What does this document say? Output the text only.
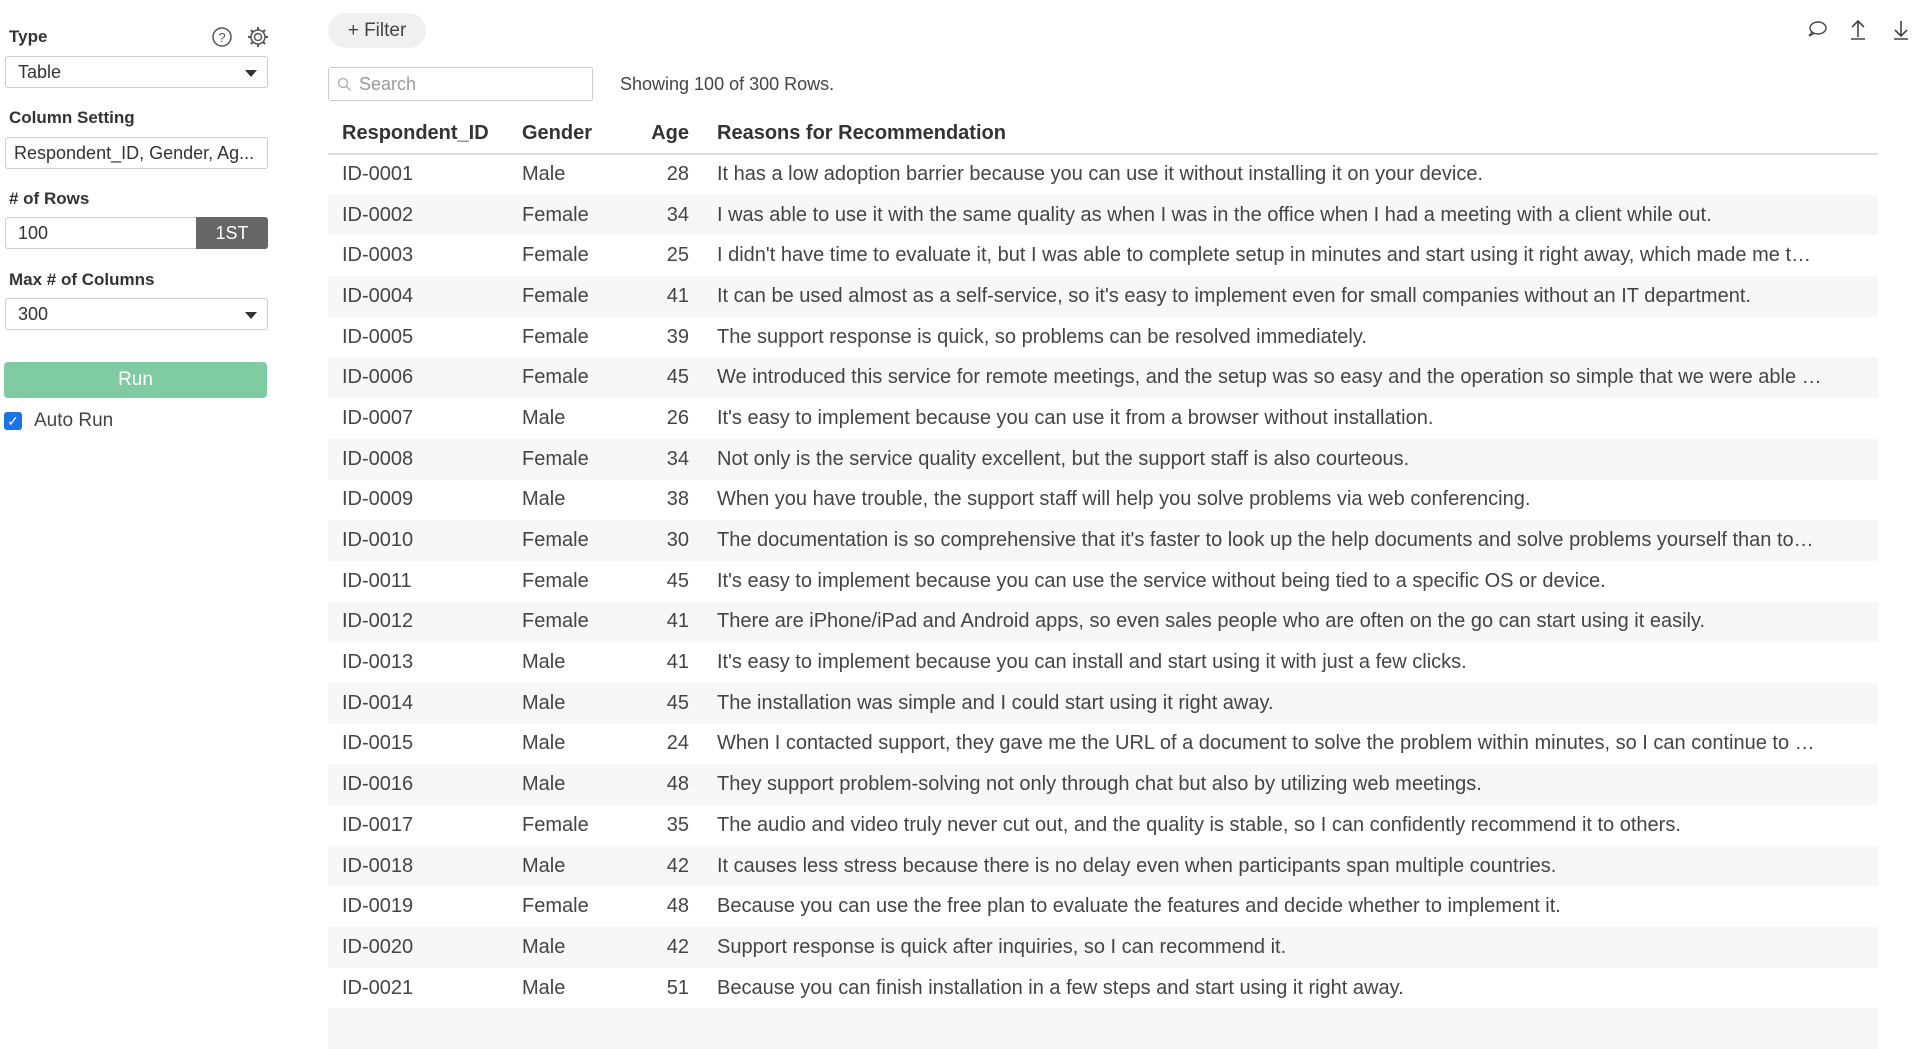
Type	?
Table
Column Setting
Respondent_ID, Gender, Ag...
# of Rows
100	1ST
Max # of Columns
300
Run
✓ Auto Run
+ Filter
Search	Showing 100 of 300 Rows.
Respondent_ID	Gender	Age	Reasons for Recommendation
ID-0001	Male	28	It has a low adoption barrier because you can use it without installing it on your device.
ID-0002	Female	34	I was able to use it with the same quality as when I was in the office when I had a meeting with a client while out.
ID-0003	Female	25	I didn't have time to evaluate it, but I was able to complete setup in minutes and start using it right away, which made me t…
ID-0004	Female	41	It can be used almost as a self-service, so it's easy to implement even for small companies without an IT department.
ID-0005	Female	39	The support response is quick, so problems can be resolved immediately.
ID-0006	Female	45	We introduced this service for remote meetings, and the setup was so easy and the operation so simple that we were able …
ID-0007	Male	26	It's easy to implement because you can use it from a browser without installation.
ID-0008	Female	34	Not only is the service quality excellent, but the support staff is also courteous.
ID-0009	Male	38	When you have trouble, the support staff will help you solve problems via web conferencing.
ID-0010	Female	30	The documentation is so comprehensive that it's faster to look up the help documents and solve problems yourself than to…
ID-0011	Female	45	It's easy to implement because you can use the service without being tied to a specific OS or device.
ID-0012	Female	41	There are iPhone/iPad and Android apps, so even sales people who are often on the go can start using it easily.
ID-0013	Male	41	It's easy to implement because you can install and start using it with just a few clicks.
ID-0014	Male	45	The installation was simple and I could start using it right away.
ID-0015	Male	24	When I contacted support, they gave me the URL of a document to solve the problem within minutes, so I can continue to …
ID-0016	Male	48	They support problem-solving not only through chat but also by utilizing web meetings.
ID-0017	Female	35	The audio and video truly never cut out, and the quality is stable, so I can confidently recommend it to others.
ID-0018	Male	42	It causes less stress because there is no delay even when participants span multiple countries.
ID-0019	Female	48	Because you can use the free plan to evaluate the features and decide whether to implement it.
ID-0020	Male	42	Support response is quick after inquiries, so I can recommend it.
ID-0021	Male	51	Because you can finish installation in a few steps and start using it right away.
